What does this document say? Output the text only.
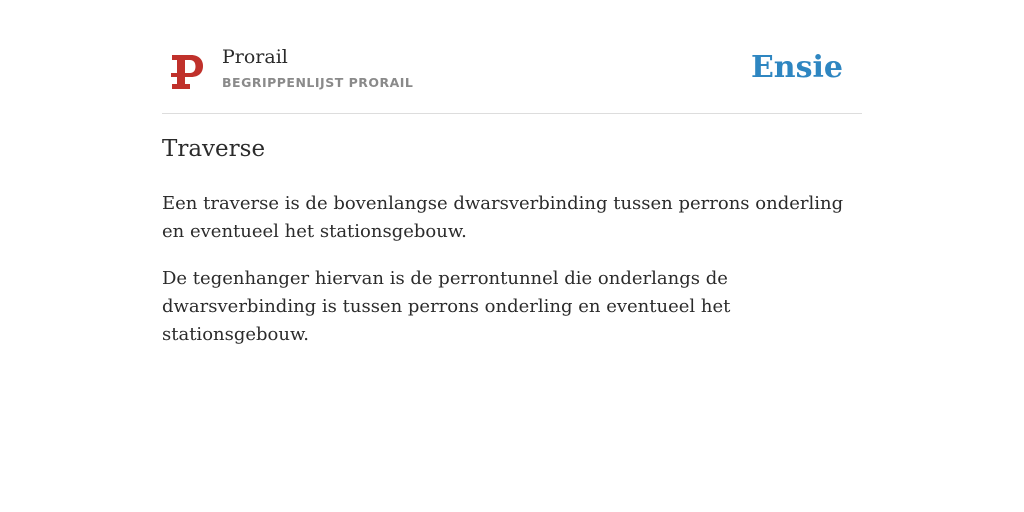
Prorail
BEGRIPPENLIJST PRORAIL	Ensie
Traverse

Een traverse is de bovenlangse dwarsverbinding tussen perrons onderling en eventueel het stationsgebouw.

De tegenhanger hiervan is de perrontunnel die onderlangs de dwarsverbinding is tussen perrons onderling en eventueel het stationsgebouw.
